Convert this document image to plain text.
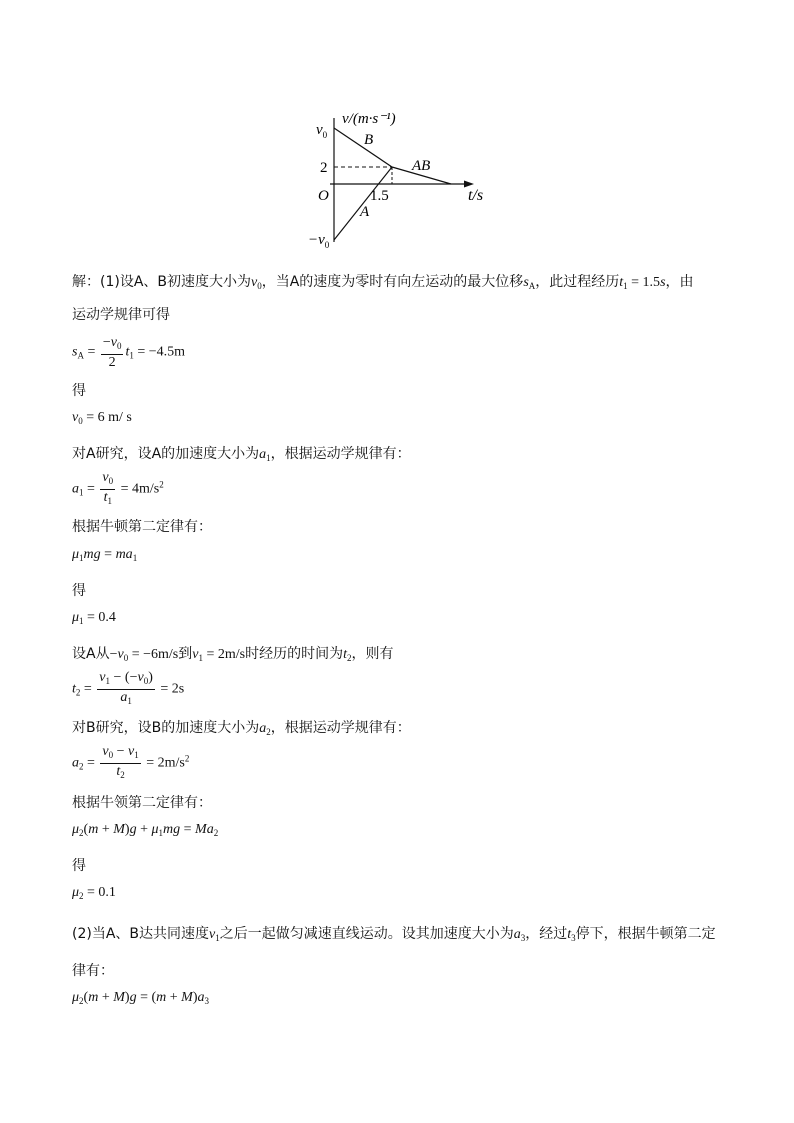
v/(m·s⁻¹)
$v_0$
2
O	1.5	t/s
$-v_0$
B
A
AB
解：(1)设A、B初速度大小为$v_0$，当A的速度为零时有向左运动的最大位移$s_A$，此过程经历$t_1 = 1.5s$，由
运动学规律可得
$s_A = \frac{-v_0}{2} t_1 = -4.5m$
得
$v_0 = 6$ m/ s
对A研究，设A的加速度大小为$a_1$，根据运动学规律有：
$a_1 = \frac{v_0}{t_1} = 4m/s^2$
根据牛顿第二定律有：
$\mu_1mg = ma_1$
得
$\mu_1 = 0.4$
设A从$-v_0 = -6m/s$到$v_1 = 2m/s$时经历的时间为$t_2$，则有
$t_2 = \frac{v_1 - (-v_0)}{a_1} = 2s$
对B研究，设B的加速度大小为$a_2$，根据运动学规律有：
$a_2 = \frac{v_0 - v_1}{t_2} = 2m/s^2$
根据牛领第二定律有：
$\mu_2(m + M)g + \mu_1mg = Ma_2$
得
$\mu_2 = 0.1$
(2)当A、B达共同速度$v_1$之后一起做匀减速直线运动。设其加速度大小为$a_3$，经过$t_3$停下，根据牛顿第二定
律有：
$\mu_2(m + M)g = (m + M)a_3$
